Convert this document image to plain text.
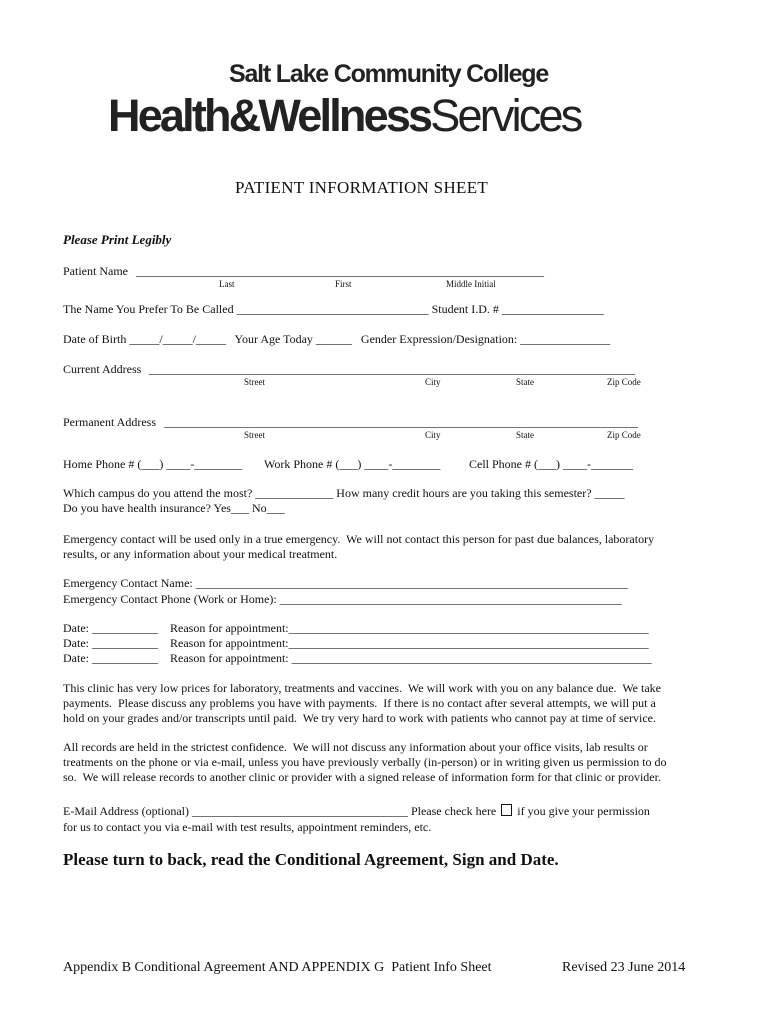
Salt Lake Community College
Health&WellnessServices
PATIENT INFORMATION SHEET
Please Print Legibly
Patient Name ____________________________________________________________________
Last	First	Middle Initial
The Name You Prefer To Be Called ________________________________ Student I.D. # _________________
Date of Birth _____/_____/_____   Your Age Today ______   Gender Expression/Designation: _______________
Current Address _________________________________________________________________________________
Street	City	State	Zip Code
Permanent Address _______________________________________________________________________________
Street	City	State	Zip Code
Home Phone # (___) ____-________ Work Phone # (___) ____-________ Cell Phone # (___) ____-_______
Which campus do you attend the most? _____________ How many credit hours are you taking this semester? _____
Do you have health insurance? Yes___ No___
Emergency contact will be used only in a true emergency.  We will not contact this person for past due balances, laboratory
results, or any information about your medical treatment.
Emergency Contact Name: ________________________________________________________________________
Emergency Contact Phone (Work or Home): _________________________________________________________
Date: ___________ Reason for appointment:____________________________________________________________
Date: ___________ Reason for appointment:____________________________________________________________
Date: ___________ Reason for appointment: ____________________________________________________________
This clinic has very low prices for laboratory, treatments and vaccines.  We will work with you on any balance due.  We take
payments.  Please discuss any problems you have with payments.  If there is no contact after several attempts, we will put a
hold on your grades and/or transcripts until paid.  We try very hard to work with patients who cannot pay at time of service.
All records are held in the strictest confidence.  We will not discuss any information about your office visits, lab results or
treatments on the phone or via e-mail, unless you have previously verbally (in-person) or in writing given us permission to do
so.  We will release records to another clinic or provider with a signed release of information form for that clinic or provider.
E-Mail Address (optional) ____________________________________ Please check here if you give your permission
for us to contact you via e-mail with test results, appointment reminders, etc.
Please turn to back, read the Conditional Agreement, Sign and Date.
Appendix B Conditional Agreement AND APPENDIX G  Patient Info Sheet	Revised 23 June 2014
